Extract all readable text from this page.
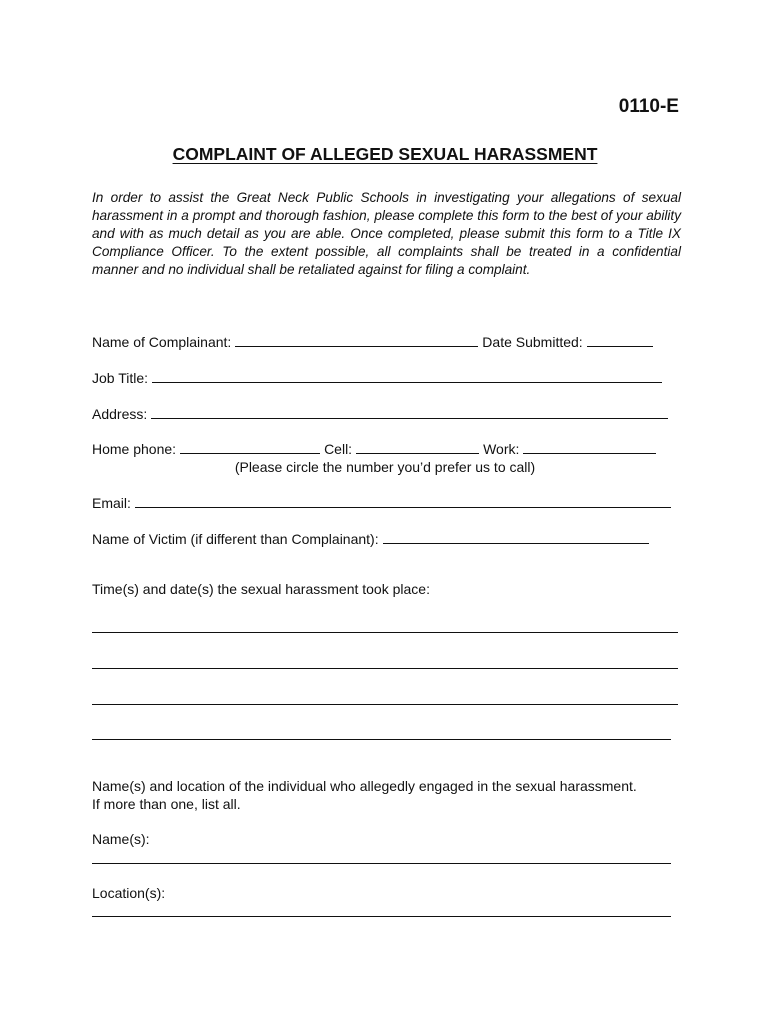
0110-E
COMPLAINT OF ALLEGED SEXUAL HARASSMENT

In order to assist the Great Neck Public Schools in investigating your allegations of sexual harassment in a prompt and thorough fashion, please complete this form to the best of your ability and with as much detail as you are able. Once completed, please submit this form to a Title IX Compliance Officer. To the extent possible, all complaints shall be treated in a confidential manner and no individual shall be retaliated against for filing a complaint.

Name of Complainant:	Date Submitted:
Job Title:
Address:
Home phone:	Cell:	Work:
(Please circle the number you’d prefer us to call)
Email:
Name of Victim (if different than Complainant):
Time(s) and date(s) the sexual harassment took place:
Name(s) and location of the individual who allegedly engaged in the sexual harassment.
If more than one, list all.
Name(s):
Location(s):
